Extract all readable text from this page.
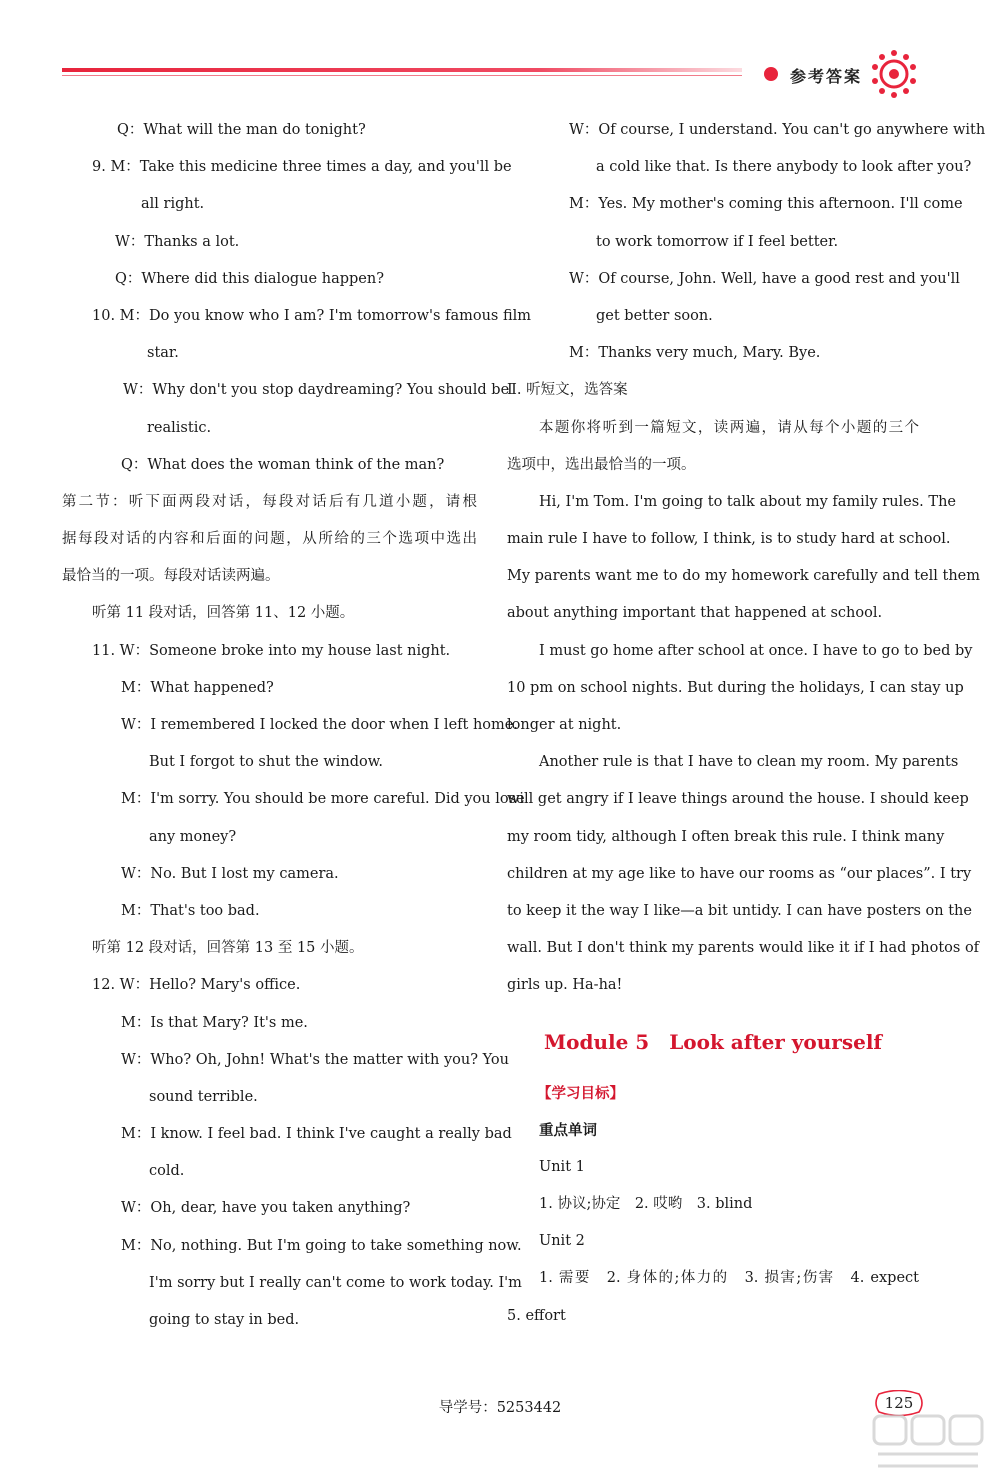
参考答案
Q：What will the man do tonight?
9. M：Take this medicine three times a day, and you'll be
all right.
W：Thanks a lot.
Q：Where did this dialogue happen?
10. M：Do you know who I am? I'm tomorrow's famous film
star.
W：Why don't you stop daydreaming? You should be
realistic.
Q：What does the woman think of the man?
第二节：听下面两段对话，每段对话后有几道小题，请根
据每段对话的内容和后面的问题，从所给的三个选项中选出
最恰当的一项。每段对话读两遍。
听第 11 段对话，回答第 11、12 小题。
11. W：Someone broke into my house last night.
M：What happened?
W：I remembered I locked the door when I left home.
But I forgot to shut the window.
M：I'm sorry. You should be more careful. Did you lose
any money?
W：No. But I lost my camera.
M：That's too bad.
听第 12 段对话，回答第 13 至 15 小题。
12. W：Hello? Mary's office.
M：Is that Mary? It's me.
W：Who? Oh, John! What's the matter with you? You
sound terrible.
M：I know. I feel bad. I think I've caught a really bad
cold.
W：Oh, dear, have you taken anything?
M：No, nothing. But I'm going to take something now.
I'm sorry but I really can't come to work today. I'm
going to stay in bed.
W：Of course, I understand. You can't go anywhere with
a cold like that. Is there anybody to look after you?
M：Yes. My mother's coming this afternoon. I'll come
to work tomorrow if I feel better.
W：Of course, John. Well, have a good rest and you'll
get better soon.
M：Thanks very much, Mary. Bye.
Ⅱ. 听短文，选答案
本题你将听到一篇短文，读两遍，请从每个小题的三个
选项中，选出最恰当的一项。
Hi, I'm Tom. I'm going to talk about my family rules. The
main rule I have to follow, I think, is to study hard at school.
My parents want me to do my homework carefully and tell them
about anything important that happened at school.
I must go home after school at once. I have to go to bed by
10 pm on school nights. But during the holidays, I can stay up
longer at night.
Another rule is that I have to clean my room. My parents
will get angry if I leave things around the house. I should keep
my room tidy, although I often break this rule. I think many
children at my age like to have our rooms as “our places”. I try
to keep it the way I like—a bit untidy. I can have posters on the
wall. But I don't think my parents would like it if I had photos of
girls up. Ha-ha!
Module 5 Look after yourself
【学习目标】
重点单词
Unit 1
1. 协议;协定　2. 哎哟　3. blind
Unit 2
1. 需要　2. 身体的;体力的　3. 损害;伤害　4. expect
5. effort
导学号：5253442	125
